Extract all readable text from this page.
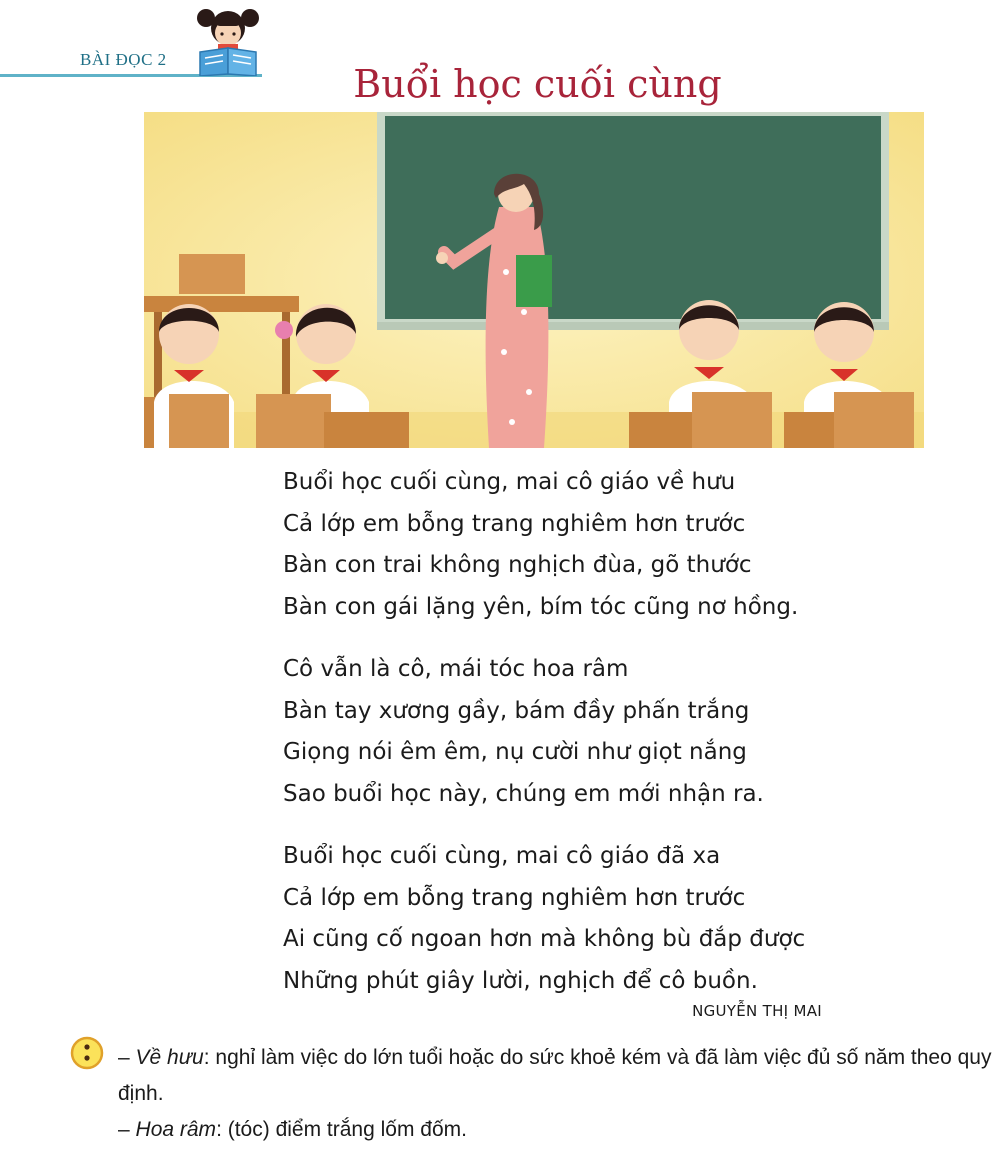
BÀI ĐỌC 2
Buổi học cuối cùng
Buổi học cuối cùng, mai cô giáo về hưu
Cả lớp em bỗng trang nghiêm hơn trước
Bàn con trai không nghịch đùa, gõ thước
Bàn con gái lặng yên, bím tóc cũng nơ hồng.
Cô vẫn là cô, mái tóc hoa râm
Bàn tay xương gầy, bám đầy phấn trắng
Giọng nói êm êm, nụ cười như giọt nắng
Sao buổi học này, chúng em mới nhận ra.
Buổi học cuối cùng, mai cô giáo đã xa
Cả lớp em bỗng trang nghiêm hơn trước
Ai cũng cố ngoan hơn mà không bù đắp được
Những phút giây lười, nghịch để cô buồn.
NGUYỄN THỊ MAI

– Về hưu: nghỉ làm việc do lớn tuổi hoặc do sức khoẻ kém và đã làm việc đủ số năm theo quy định.

– Hoa râm: (tóc) điểm trắng lốm đốm.
